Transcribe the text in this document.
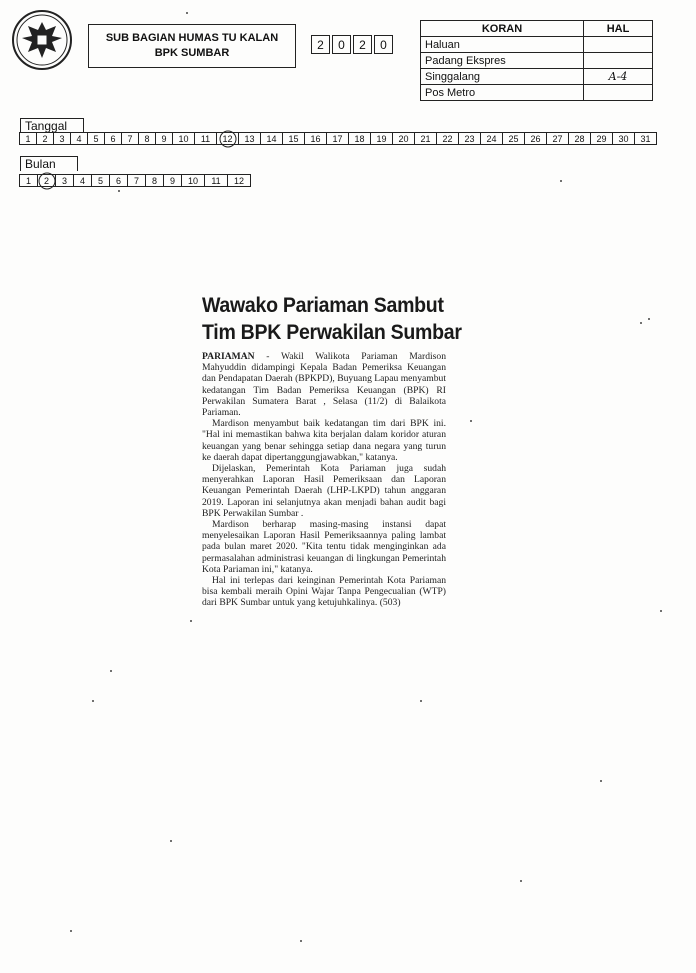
SUB BAGIAN HUMAS TU KALAN
BPK SUMBAR
2	0	2	0
KORAN	HAL
Haluan	
Padang Ekspres	
Singgalang	A-4
Pos Metro	
Tanggal
1	2	3	4	5	6	7	8	9	10	11	12	13	14	15	16	17	18	19	20	21	22	23	24	25	26	27	28	29	30	31
Bulan
1	2	3	4	5	6	7	8	9	10	11	12
Wawako Pariaman Sambut
Tim BPK Perwakilan Sumbar

PARIAMAN - Wakil Walikota Pariaman Mardison Mahyuddin didampingi Kepala Badan Pemeriksa Keuangan dan Pendapatan Daerah (BPKPD), Buyuang Lapau menyambut kedatangan Tim Badan Pemeriksa Keuangan (BPK) RI Perwakilan Sumatera Barat , Selasa (11/2) di Balaikota Pariaman.

Mardison menyambut baik kedatangan tim dari BPK ini. "Hal ini memastikan bahwa kita berjalan dalam koridor aturan keuangan yang benar sehingga setiap dana negara yang turun ke daerah dapat dipertanggungjawabkan," katanya.

Dijelaskan, Pemerintah Kota Pariaman juga sudah menyerahkan Laporan Hasil Pemeriksaan dan Laporan Keuangan Pemerintah Daerah (LHP-LKPD) tahun anggaran 2019. Laporan ini selanjutnya akan menjadi bahan audit bagi BPK Perwakilan Sumbar .

Mardison berharap masing-masing instansi dapat menyelesaikan Laporan Hasil Pemeriksaannya paling lambat pada bulan maret 2020. "Kita tentu tidak menginginkan ada permasalahan administrasi keuangan di lingkungan Pemerintah Kota Pariaman ini," katanya.

Hal ini terlepas dari keinginan Pemerintah Kota Pariaman bisa kembali meraih Opini Wajar Tanpa Pengecualian (WTP) dari BPK Sumbar untuk yang ketujuhkalinya. (503)
